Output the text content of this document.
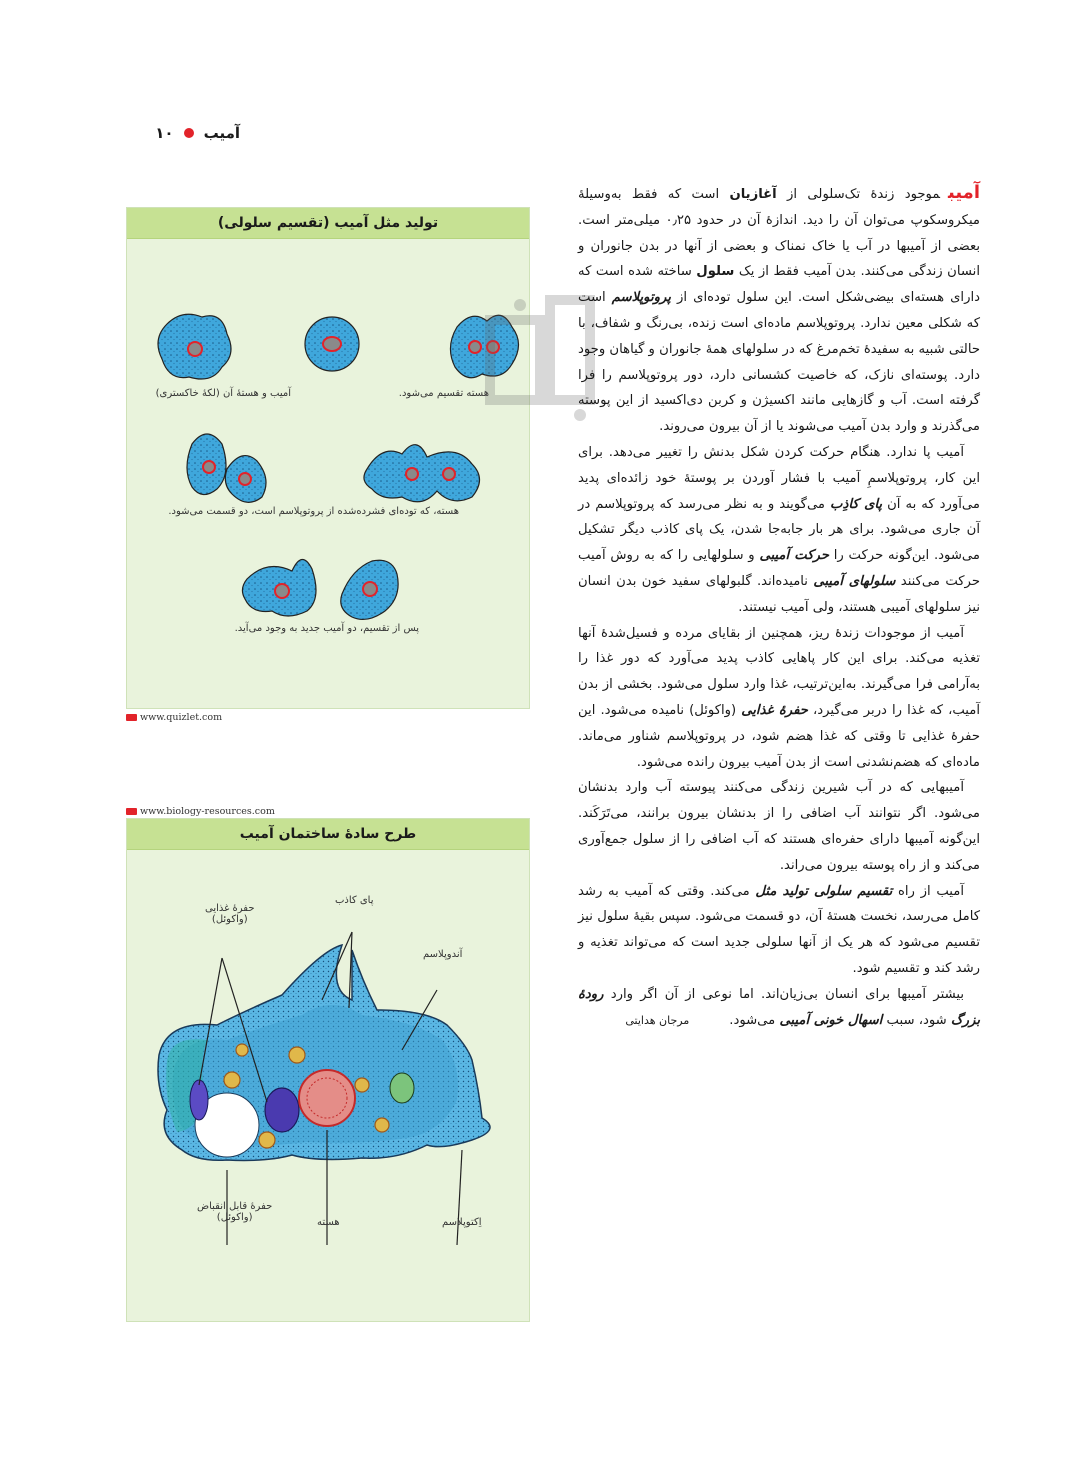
آمیب
۱۰
تولید مثل آمیب (تقسیم سلولی)
آمیب و هستهٔ آن (لکهٔ خاکستری)	هسته تقسیم می‌شود.
هسته، که توده‌ای فشرده‌شده از پروتوپلاسم است، دو قسمت می‌شود.
پس از تقسیم، دو آمیب جدید به وجود می‌آید.
www.quizlet.com
www.biology-resources.com
طرح سادهٔ ساختمان آمیب
حفرهٔ غذایی
(واکوئل)
پای کاذب
آندوپلاسم
حفرهٔ قابل انقباض
(واکوئل)	هسته	اِکتوپلاسم

آمیبموجود زندهٔ تک‌سلولی از آغازیان است که فقط به‌وسیلهٔ میکروسکوپ می‌توان آن را دید. اندازهٔ آن در حدود ۰٫۲۵ میلی‌متر است. بعضی از آمیبها در آب یا خاک نمناک و بعضی از آنها در بدن جانوران و انسان زندگی می‌کنند. بدن آمیب فقط از یک سلول ساخته شده است که دارای هسته‌ای بیضی‌شکل است. این سلول توده‌ای از پروتوپلاسم است که شکلی معین ندارد. پروتوپلاسم ماده‌ای است زنده، بی‌رنگ و شفاف، با حالتی شبیه به سفیدهٔ تخم‌مرغ که در سلولهای همهٔ جانوران و گیاهان وجود دارد. پوسته‌ای نازک، که خاصیت کشسانی دارد، دور پروتوپلاسم را فرا گرفته است. آب و گازهایی مانند اکسیژن و کربن دی‌اکسید از این پوسته می‌گذرند و وارد بدن آمیب می‌شوند یا از آن بیرون می‌روند.

آمیب پا ندارد. هنگام حرکت کردن شکل بدنش را تغییر می‌دهد. برای این کار، پروتوپلاسمِ آمیب با فشار آوردن بر پوستهٔ خود زائده‌ای پدید می‌آورد که به آن پای کاذِب می‌گویند و به نظر می‌رسد که پروتوپلاسم در آن جاری می‌شود. برای هر بار جابه‌جا شدن، یک پای کاذب دیگر تشکیل می‌شود. این‌گونه حرکت را حرکت آمیبی و سلولهایی را که به روش آمیب حرکت می‌کنند سلولهای آمیبی نامیده‌اند. گلبولهای سفید خون بدن انسان نیز سلولهای آمیبی هستند، ولی آمیب نیستند.

آمیب از موجودات زندهٔ ریز، همچنین از بقایای مرده و فسیل‌شدهٔ آنها تغذیه می‌کند. برای این کار پاهایی کاذب پدید می‌آورد که دور غذا را به‌آرامی فرا می‌گیرند. به‌این‌ترتیب، غذا وارد سلول می‌شود. بخشی از بدن آمیب، که غذا را دربر می‌گیرد، حفرهٔ غذایی (واکوئل) نامیده می‌شود. این حفرهٔ غذایی تا وقتی که غذا هضم شود، در پروتوپلاسم شناور می‌ماند. ماده‌ای که هضم‌نشدنی است از بدن آمیب بیرون رانده می‌شود.

آمیبهایی که در آب شیرین زندگی می‌کنند پیوسته آب وارد بدنشان می‌شود. اگر نتوانند آب اضافی را از بدنشان بیرون برانند، می‌تَرَکَند. این‌گونه آمیبها دارای حفره‌ای هستند که آب اضافی را از سلول جمع‌آوری می‌کند و از راه پوسته بیرون می‌راند.

آمیب از راه تقسیم سلولی تولید مثل می‌کند. وقتی که آمیب به رشد کامل می‌رسد، نخست هستهٔ آن، دو قسمت می‌شود. سپس بقیهٔ سلول نیز تقسیم می‌شود که هر یک از آنها سلولی جدید است که می‌تواند تغذیه و رشد کند و تقسیم شود.

بیشتر آمیبها برای انسان بی‌زیان‌اند. اما نوعی از آن اگر وارد رودهٔ بزرگ شود، سبب اسهال خونی آمیبی می‌شود.مرجان هدایتی
